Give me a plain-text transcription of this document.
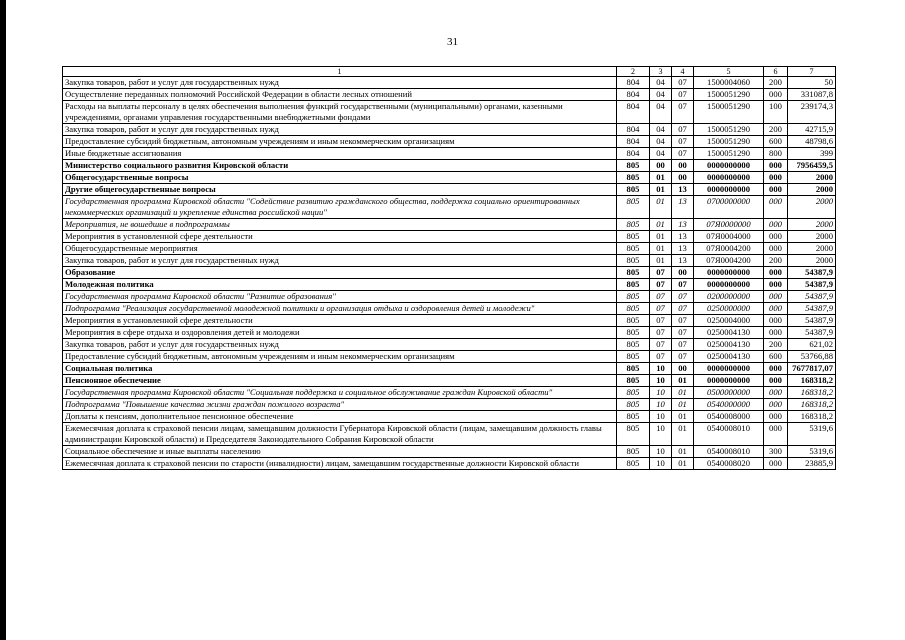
31
1	2	3	4	5	6	7
Закупка товаров, работ и услуг для государственных нужд	804	04	07	1500004060	200	50
Осуществление переданных полномочий Российской Федерации в области лесных отношений	804	04	07	1500051290	000	331087,8
Расходы на выплаты персоналу в целях обеспечения выполнения функций государственными (муниципальными) органами, казенными учреждениями, органами управления государственными внебюджетными фондами	804	04	07	1500051290	100	239174,3
Закупка товаров, работ и услуг для государственных нужд	804	04	07	1500051290	200	42715,9
Предоставление субсидий бюджетным, автономным учреждениям и иным некоммерческим организациям	804	04	07	1500051290	600	48798,6
Иные бюджетные ассигнования	804	04	07	1500051290	800	399
Министерство социального развития Кировской области	805	00	00	0000000000	000	7956459,5
Общегосударственные вопросы	805	01	00	0000000000	000	2000
Другие общегосударственные вопросы	805	01	13	0000000000	000	2000
Государственная программа Кировской области "Содействие развитию гражданского общества, поддержка социально ориентированных некоммерческих организаций и укрепление единства российской нации"	805	01	13	0700000000	000	2000
Мероприятия, не вошедшие в подпрограммы	805	01	13	07Я0000000	000	2000
Мероприятия в установленной сфере деятельности	805	01	13	07Я0004000	000	2000
Общегосударственные мероприятия	805	01	13	07Я0004200	000	2000
Закупка товаров, работ и услуг для государственных нужд	805	01	13	07Я0004200	200	2000
Образование	805	07	00	0000000000	000	54387,9
Молодежная политика	805	07	07	0000000000	000	54387,9
Государственная программа Кировской области "Развитие образования"	805	07	07	0200000000	000	54387,9
Подпрограмма "Реализация государственной молодежной политики и организация отдыха и оздоровления детей и молодежи"	805	07	07	0250000000	000	54387,9
Мероприятия в установленной сфере деятельности	805	07	07	0250004000	000	54387,9
Мероприятия в сфере отдыха и оздоровления детей и молодежи	805	07	07	0250004130	000	54387,9
Закупка товаров, работ и услуг для государственных нужд	805	07	07	0250004130	200	621,02
Предоставление субсидий бюджетным, автономным учреждениям и иным некоммерческим организациям	805	07	07	0250004130	600	53766,88
Социальная политика	805	10	00	0000000000	000	7677817,07
Пенсионное обеспечение	805	10	01	0000000000	000	168318,2
Государственная программа Кировской области "Социальная поддержка и социальное обслуживание граждан Кировской области"	805	10	01	0500000000	000	168318,2
Подпрограмма "Повышение качества жизни граждан пожилого возраста"	805	10	01	0540000000	000	168318,2
Доплаты к пенсиям, дополнительное пенсионное обеспечение	805	10	01	0540008000	000	168318,2
Ежемесячная доплата к страховой пенсии лицам, замещавшим должности Губернатора Кировской области (лицам, замещавшим должность главы администрации Кировской области) и Председателя Законодательного Собрания Кировской области	805	10	01	0540008010	000	5319,6
Социальное обеспечение и иные выплаты населению	805	10	01	0540008010	300	5319,6
Ежемесячная доплата к страховой пенсии по старости (инвалидности) лицам, замещавшим государственные должности Кировской области	805	10	01	0540008020	000	23885,9
